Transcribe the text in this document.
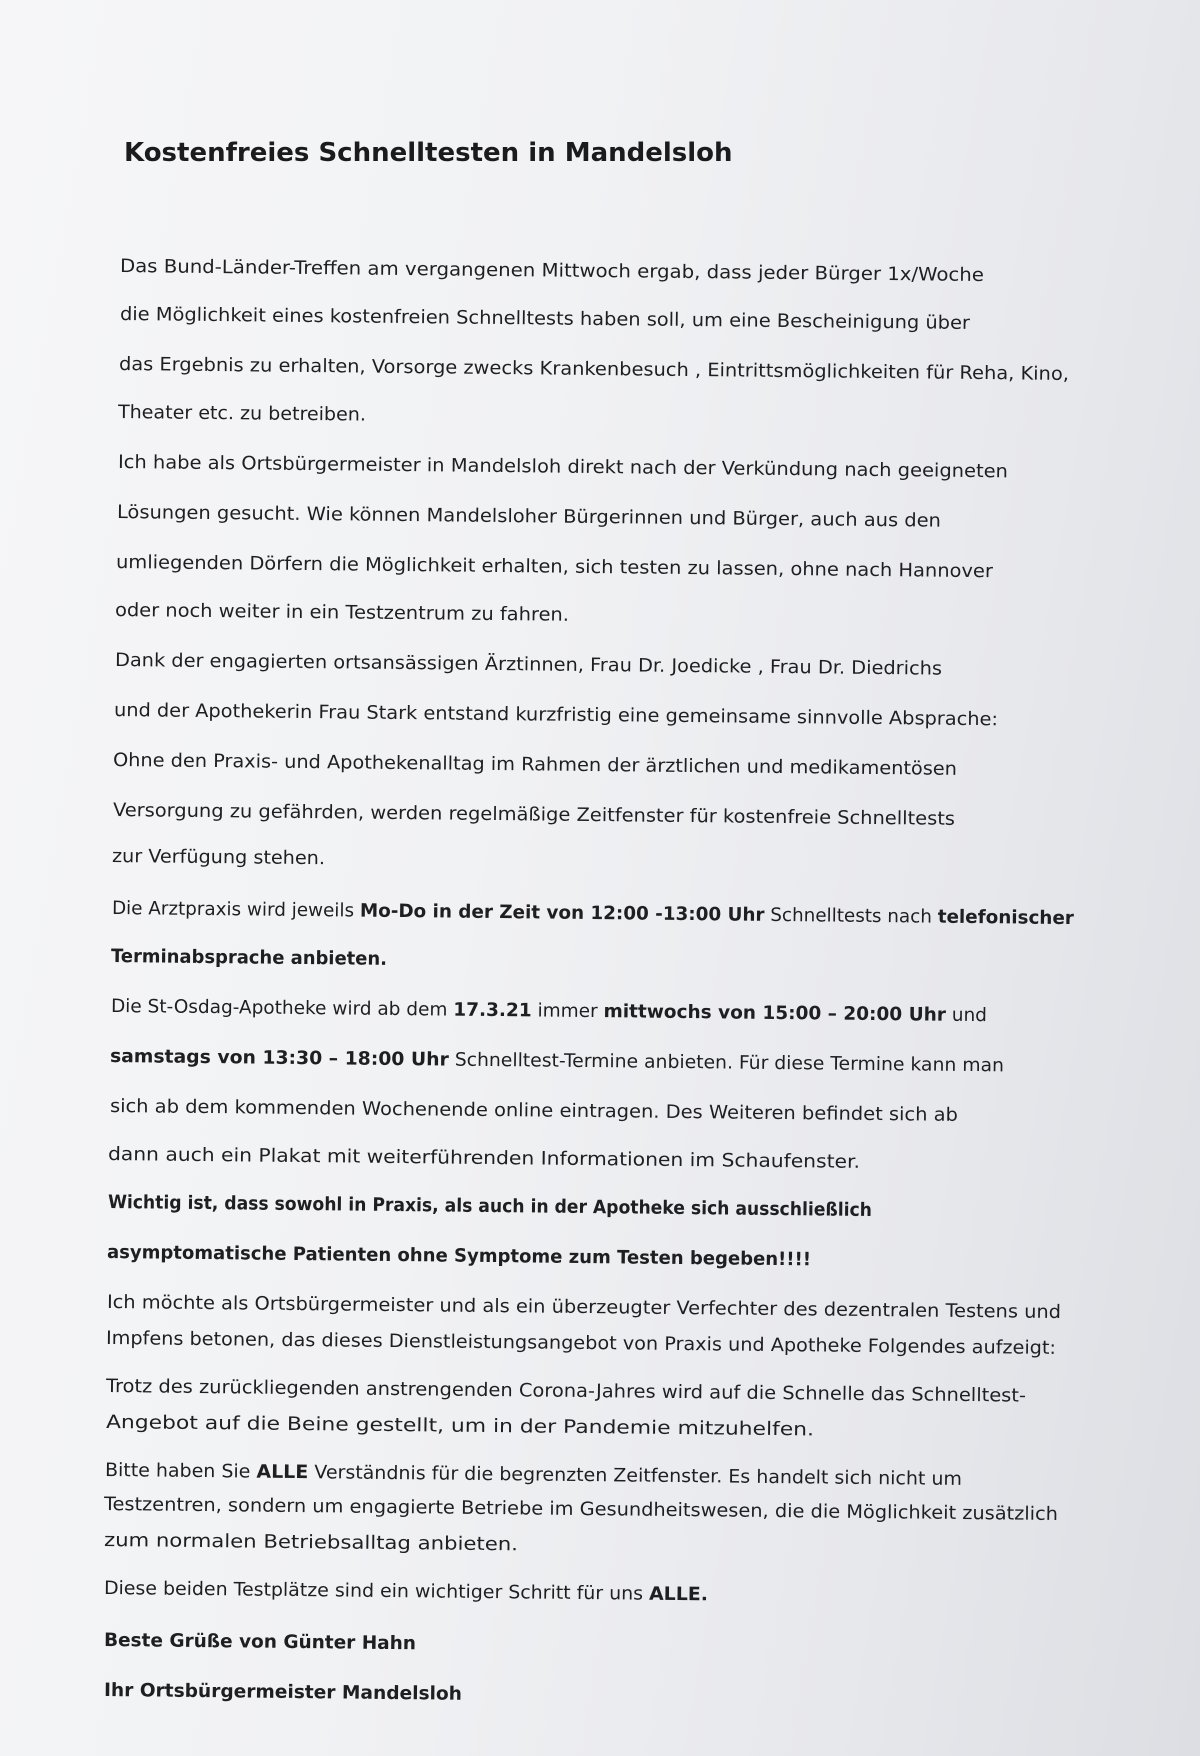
Kostenfreies Schnelltesten in Mandelsloh

Das Bund-Länder-Treffen am vergangenen Mittwoch ergab, dass jeder Bürger 1x/Woche

die Möglichkeit eines kostenfreien Schnelltests haben soll, um eine Bescheinigung über

das Ergebnis zu erhalten, Vorsorge zwecks Krankenbesuch , Eintrittsmöglichkeiten für Reha, Kino,

Theater etc. zu betreiben.

Ich habe als Ortsbürgermeister in Mandelsloh direkt nach der Verkündung nach geeigneten

Lösungen gesucht. Wie können Mandelsloher Bürgerinnen und Bürger, auch aus den

umliegenden Dörfern die Möglichkeit erhalten, sich testen zu lassen, ohne nach Hannover

oder noch weiter in ein Testzentrum zu fahren.

Dank der engagierten ortsansässigen Ärztinnen, Frau Dr. Joedicke , Frau Dr. Diedrichs

und der Apothekerin Frau Stark entstand kurzfristig eine gemeinsame sinnvolle Absprache:

Ohne den Praxis- und Apothekenalltag im Rahmen der ärztlichen und medikamentösen

Versorgung zu gefährden, werden regelmäßige Zeitfenster für kostenfreie Schnelltests

zur Verfügung stehen.

Die Arztpraxis wird jeweils Mo-Do in der Zeit von 12:00 -13:00 Uhr Schnelltests nach telefonischer

Terminabsprache anbieten.

Die St-Osdag-Apotheke wird ab dem 17.3.21 immer mittwochs von 15:00 – 20:00 Uhr und

samstags von 13:30 – 18:00 Uhr Schnelltest-Termine anbieten. Für diese Termine kann man

sich ab dem kommenden Wochenende online eintragen. Des Weiteren befindet sich ab

dann auch ein Plakat mit weiterführenden Informationen im Schaufenster.

Wichtig ist, dass sowohl in Praxis, als auch in der Apotheke sich ausschließlich

asymptomatische Patienten ohne Symptome zum Testen begeben!!!!

Ich möchte als Ortsbürgermeister und als ein überzeugter Verfechter des dezentralen Testens und

Impfens betonen, das dieses Dienstleistungsangebot von Praxis und Apotheke Folgendes aufzeigt:

Trotz des zurückliegenden anstrengenden Corona-Jahres wird auf die Schnelle das Schnelltest-

Angebot auf die Beine gestellt, um in der Pandemie mitzuhelfen.

Bitte haben Sie ALLE Verständnis für die begrenzten Zeitfenster. Es handelt sich nicht um

Testzentren, sondern um engagierte Betriebe im Gesundheitswesen, die die Möglichkeit zusätzlich

zum normalen Betriebsalltag anbieten.

Diese beiden Testplätze sind ein wichtiger Schritt für uns ALLE.

Beste Grüße von Günter Hahn

Ihr Ortsbürgermeister Mandelsloh
